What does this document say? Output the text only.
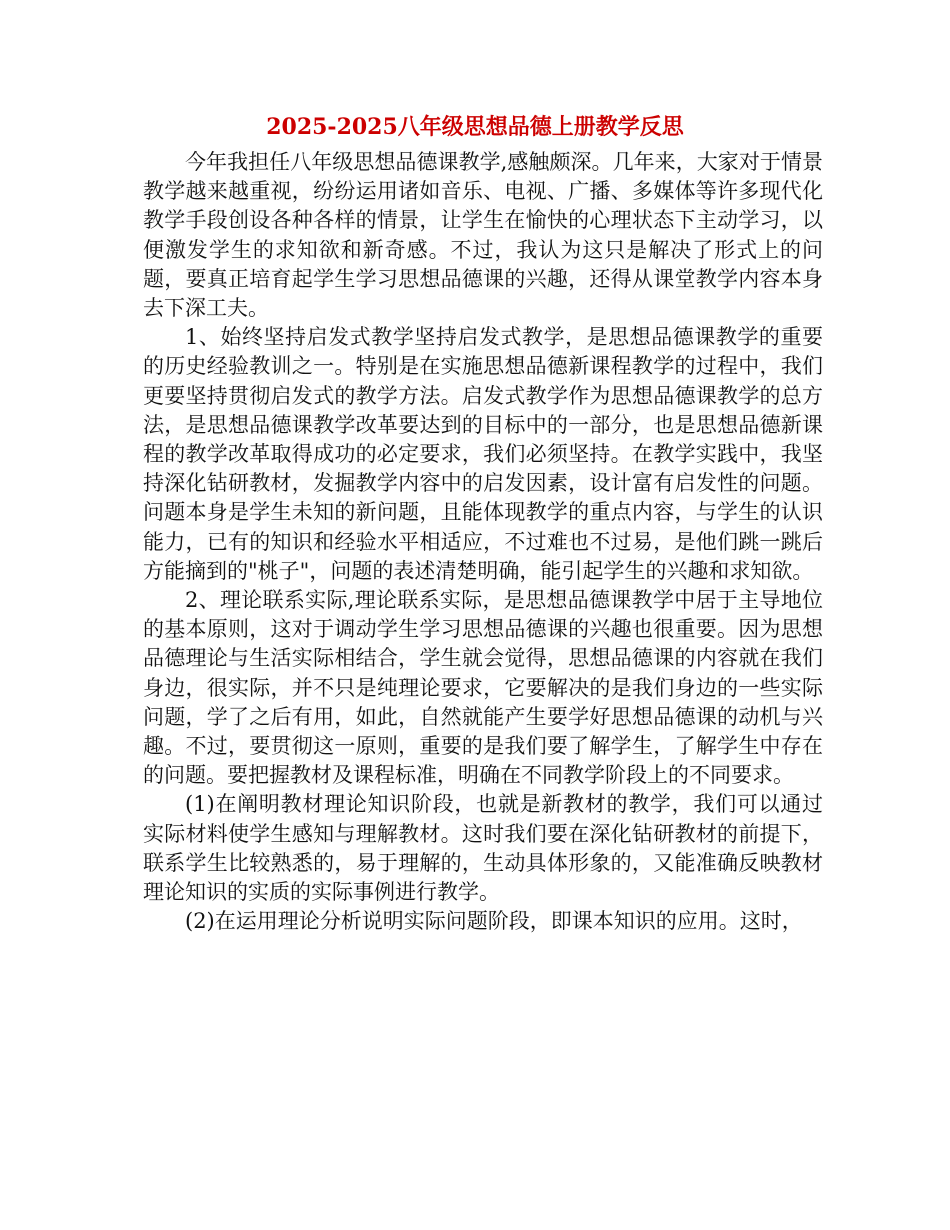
2025-2025八年级思想品德上册教学反思

今年我担任八年级思想品德课教学,感触颇深。几年来，大家对于情景教学越来越重视，纷纷运用诸如音乐、电视、广播、多媒体等许多现代化教学手段创设各种各样的情景，让学生在愉快的心理状态下主动学习，以便激发学生的求知欲和新奇感。不过，我认为这只是解决了形式上的问题，要真正培育起学生学习思想品德课的兴趣，还得从课堂教学内容本身去下深工夫。

1、始终坚持启发式教学坚持启发式教学，是思想品德课教学的重要的历史经验教训之一。特别是在实施思想品德新课程教学的过程中，我们更要坚持贯彻启发式的教学方法。启发式教学作为思想品德课教学的总方法，是思想品德课教学改革要达到的目标中的一部分，也是思想品德新课程的教学改革取得成功的必定要求，我们必须坚持。在教学实践中，我坚持深化钻研教材，发掘教学内容中的启发因素，设计富有启发性的问题。问题本身是学生未知的新问题，且能体现教学的重点内容，与学生的认识能力，已有的知识和经验水平相适应，不过难也不过易，是他们跳一跳后方能摘到的"桃子"，问题的表述清楚明确，能引起学生的兴趣和求知欲。

2、理论联系实际,理论联系实际，是思想品德课教学中居于主导地位的基本原则，这对于调动学生学习思想品德课的兴趣也很重要。因为思想品德理论与生活实际相结合，学生就会觉得，思想品德课的内容就在我们身边，很实际，并不只是纯理论要求，它要解决的是我们身边的一些实际问题，学了之后有用，如此，自然就能产生要学好思想品德课的动机与兴趣。不过，要贯彻这一原则，重要的是我们要了解学生，了解学生中存在的问题。要把握教材及课程标准，明确在不同教学阶段上的不同要求。

(1)在阐明教材理论知识阶段，也就是新教材的教学，我们可以通过实际材料使学生感知与理解教材。这时我们要在深化钻研教材的前提下，联系学生比较熟悉的，易于理解的，生动具体形象的，又能准确反映教材理论知识的实质的实际事例进行教学。

(2)在运用理论分析说明实际问题阶段，即课本知识的应用。这时，
